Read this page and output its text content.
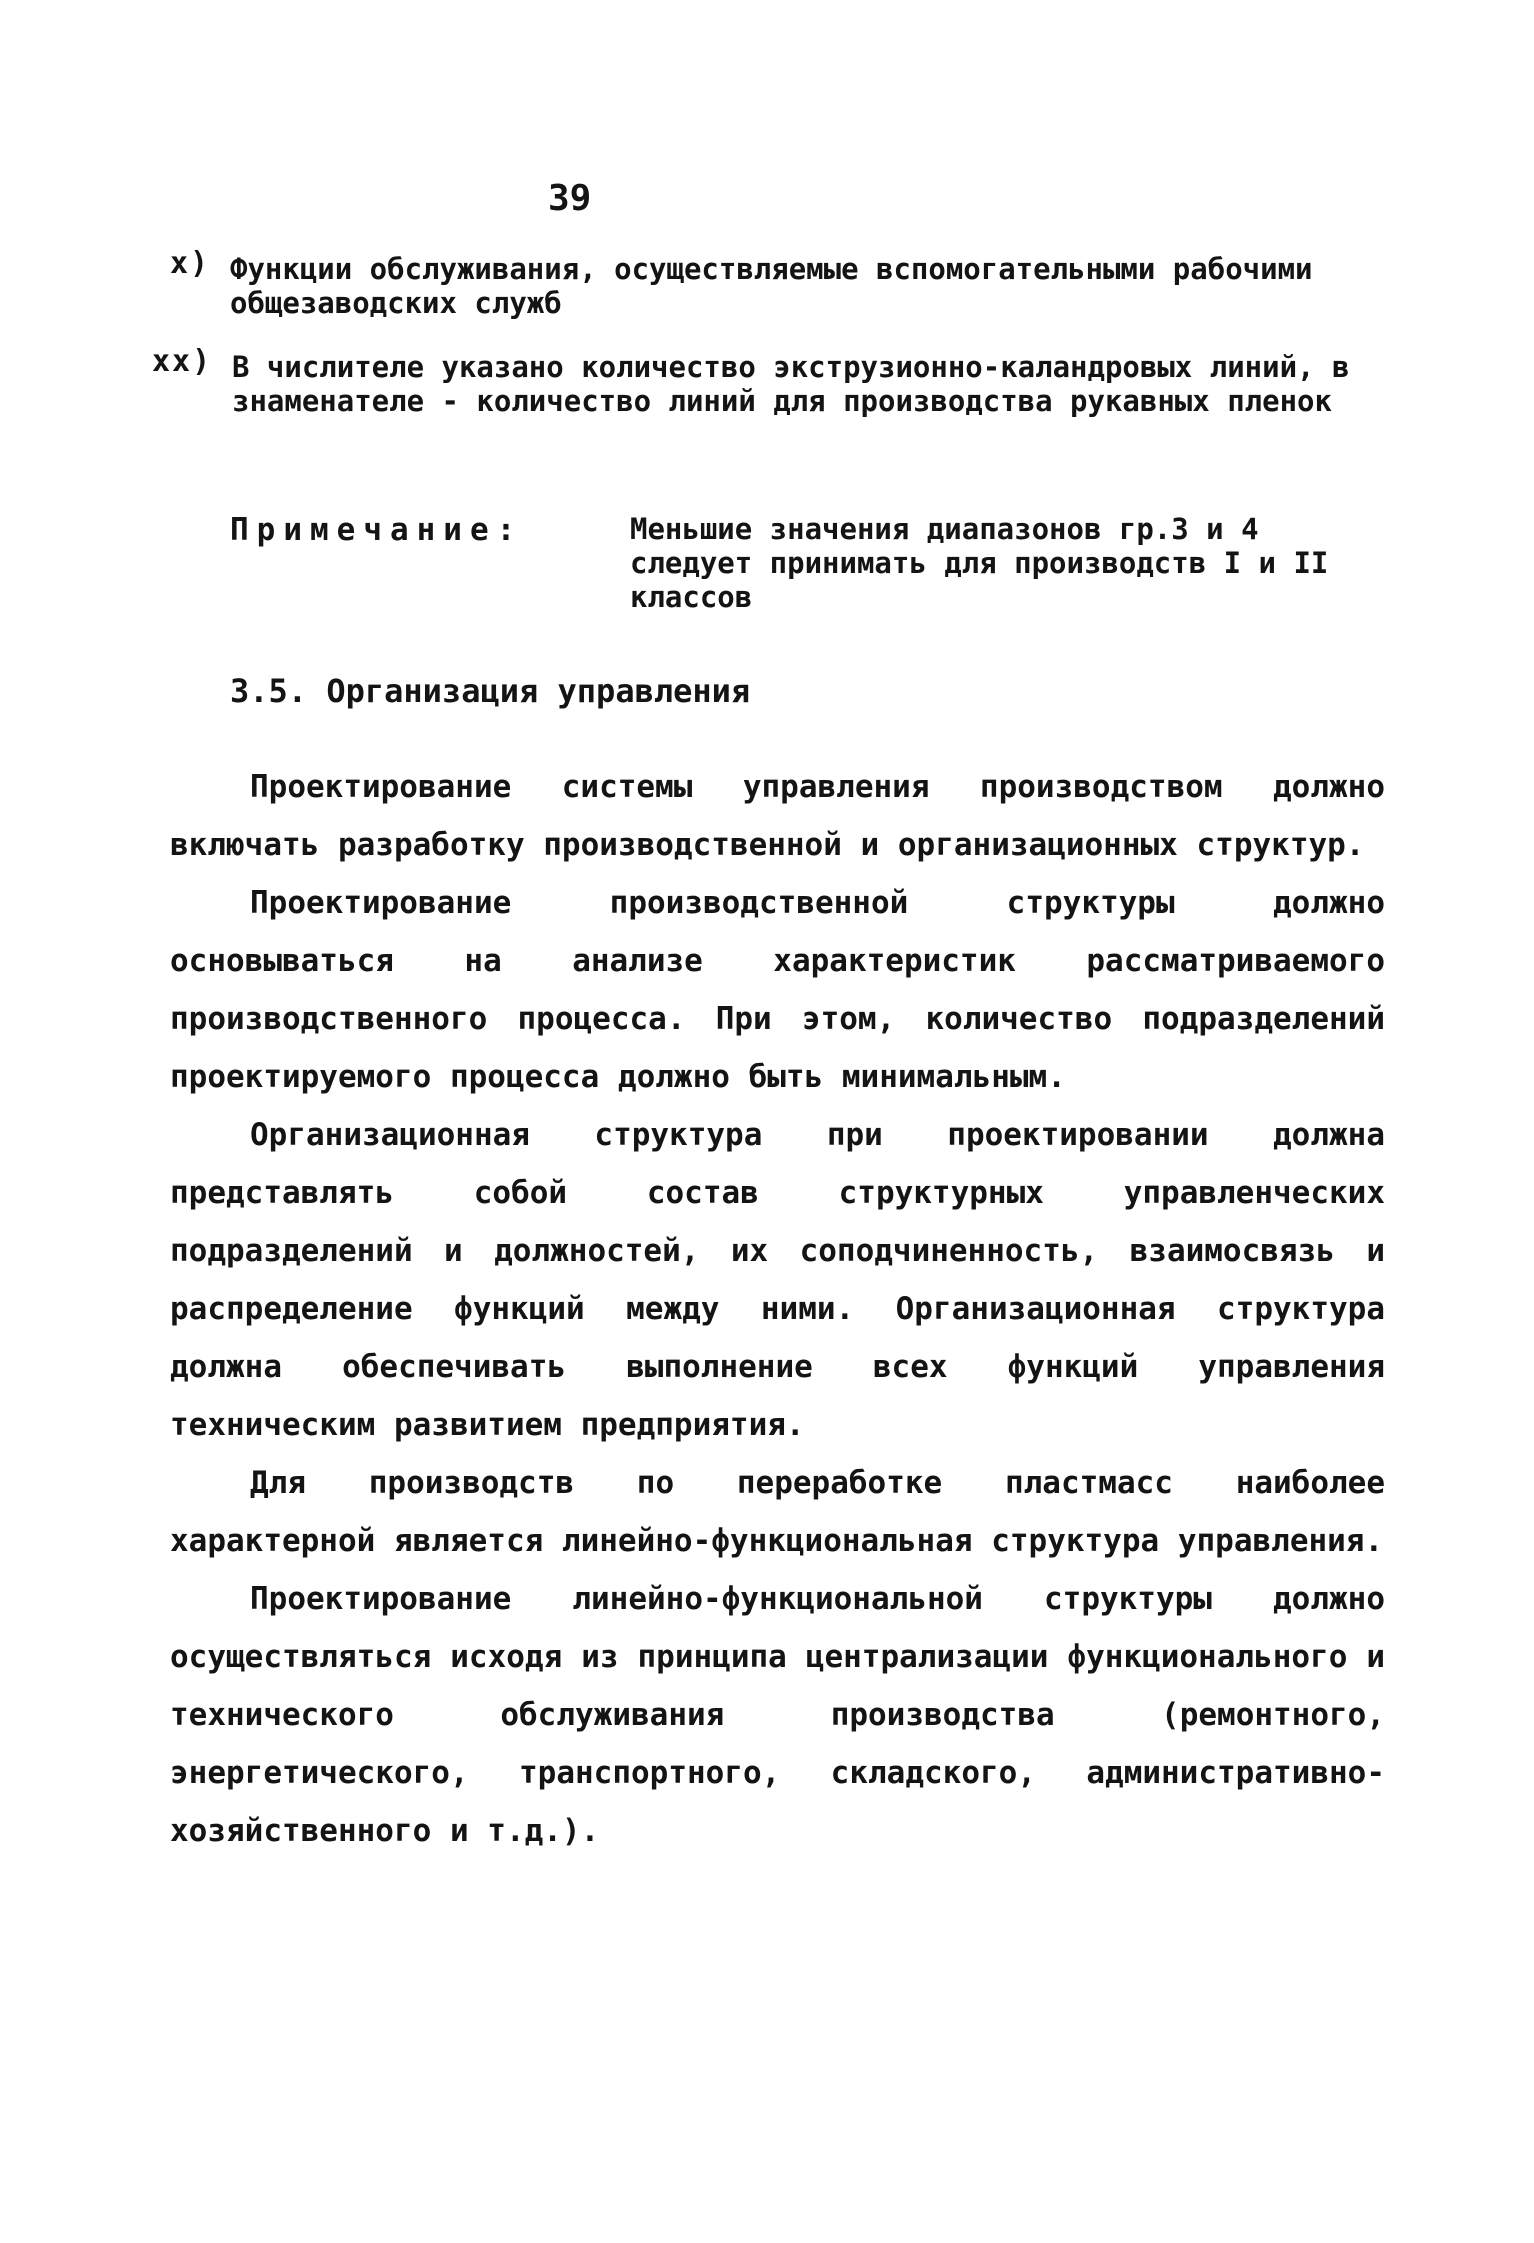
39
x) Функции обслуживания, осуществляемые вспомогательными рабочими общезаводских служб
xx) В числителе указано количество экструзионно-каландровых линий, в знаменателе - количество линий для производства рукавных пленок
Примечание:	Меньшие значения диапазонов гр.3 и 4 следует принимать для производств I и II классов
3.5. Организация управления

Проектирование системы управления производством должно включать разработку производственной и организационных структур.

Проектирование производственной структуры должно основываться на анализе характеристик рассматриваемого производственного процесса. При этом, количество подразделений проектируемого процесса должно быть минимальным.

Организационная структура при проектировании должна представлять собой состав структурных управленческих подразделений и должностей, их соподчиненность, взаимосвязь и распределение функций между ними. Организационная структура должна обеспечивать выполнение всех функций управления техническим развитием предприятия.

Для производств по переработке пластмасс наиболее характерной является линейно-функциональная структура управления.

Проектирование линейно-функциональной структуры должно осуществляться исходя из принципа централизации функционального и технического обслуживания производства (ремонтного, энергетического, транспортного, складского, административно-хозяйственного и т.д.).
